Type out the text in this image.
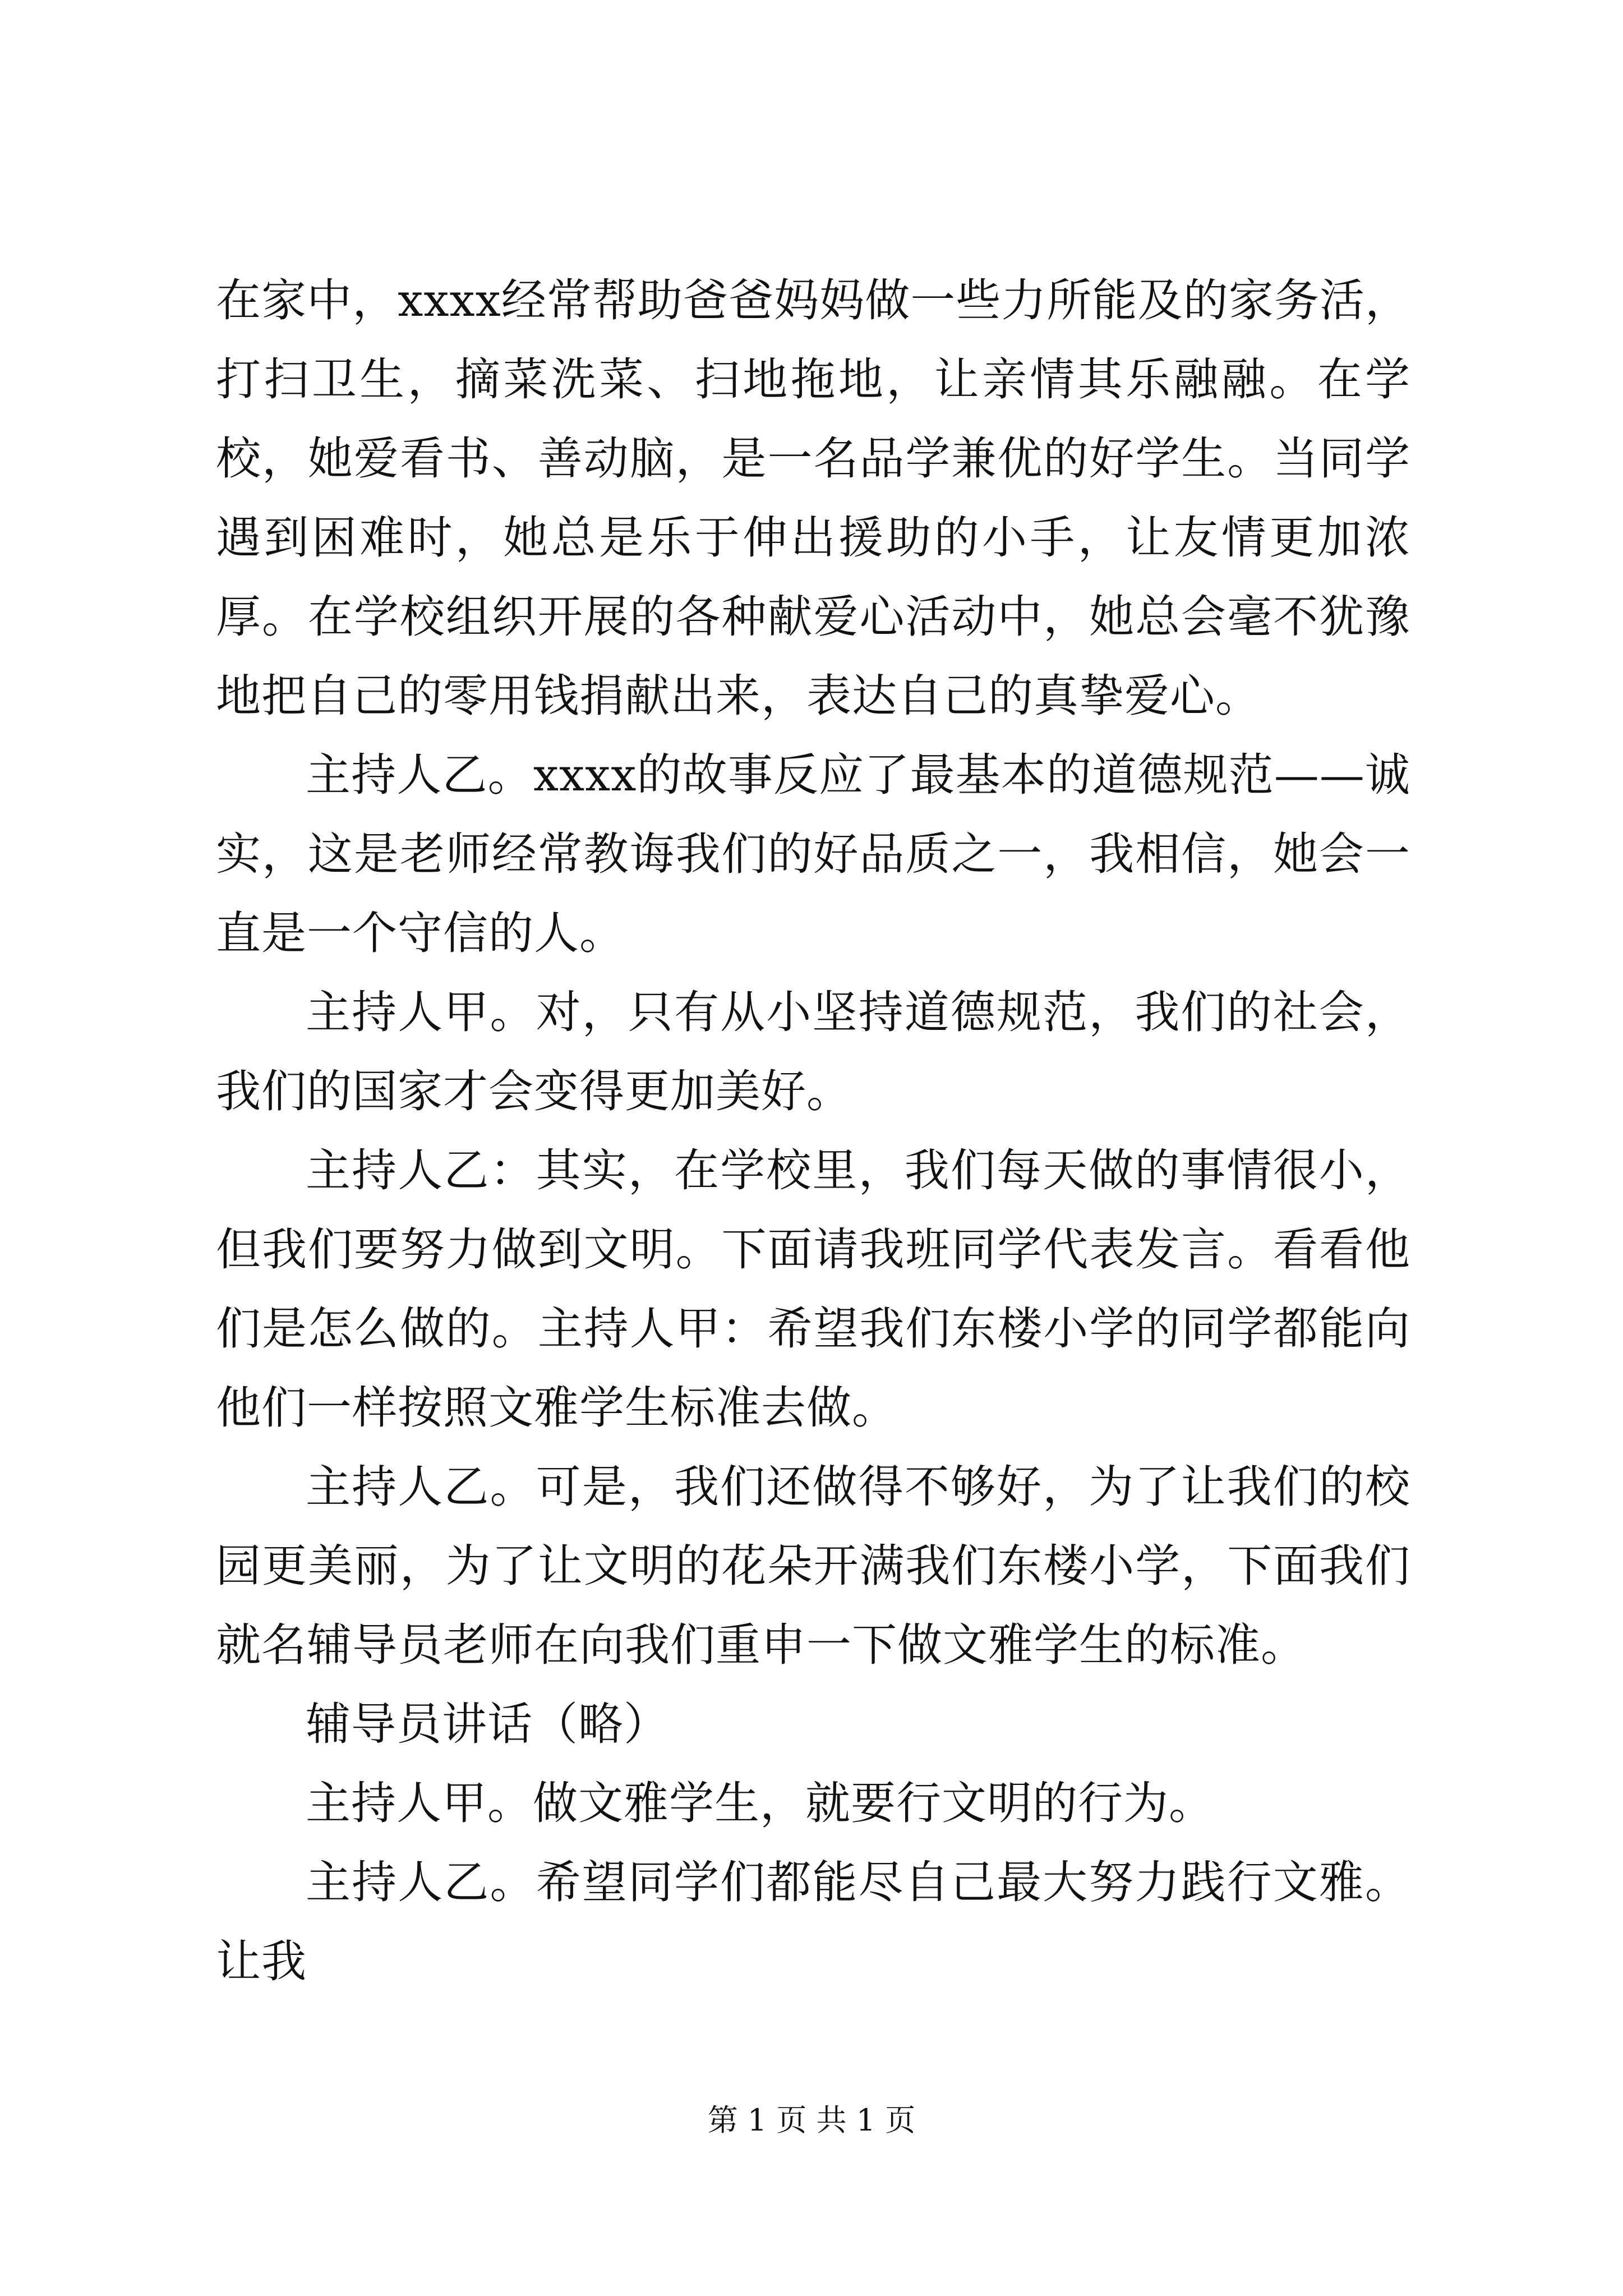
在家中，xxxx经常帮助爸爸妈妈做一些力所能及的家务活，打扫卫生，摘菜洗菜、扫地拖地，让亲情其乐融融。在学校，她爱看书、善动脑，是一名品学兼优的好学生。当同学遇到困难时，她总是乐于伸出援助的小手，让友情更加浓厚。在学校组织开展的各种献爱心活动中，她总会毫不犹豫地把自己的零用钱捐献出来，表达自己的真挚爱心。

主持人乙。xxxx的故事反应了最基本的道德规范——诚实，这是老师经常教诲我们的好品质之一，我相信，她会一直是一个守信的人。

主持人甲。对，只有从小坚持道德规范，我们的社会，我们的国家才会变得更加美好。

主持人乙：其实，在学校里，我们每天做的事情很小，但我们要努力做到文明。下面请我班同学代表发言。看看他们是怎么做的。主持人甲：希望我们东楼小学的同学都能向他们一样按照文雅学生标准去做。

主持人乙。可是，我们还做得不够好，为了让我们的校园更美丽，为了让文明的花朵开满我们东楼小学，下面我们就名辅导员老师在向我们重申一下做文雅学生的标准。

辅导员讲话（略）

主持人甲。做文雅学生，就要行文明的行为。

主持人乙。希望同学们都能尽自己最大努力践行文雅。让我

第 1 页 共 1 页
